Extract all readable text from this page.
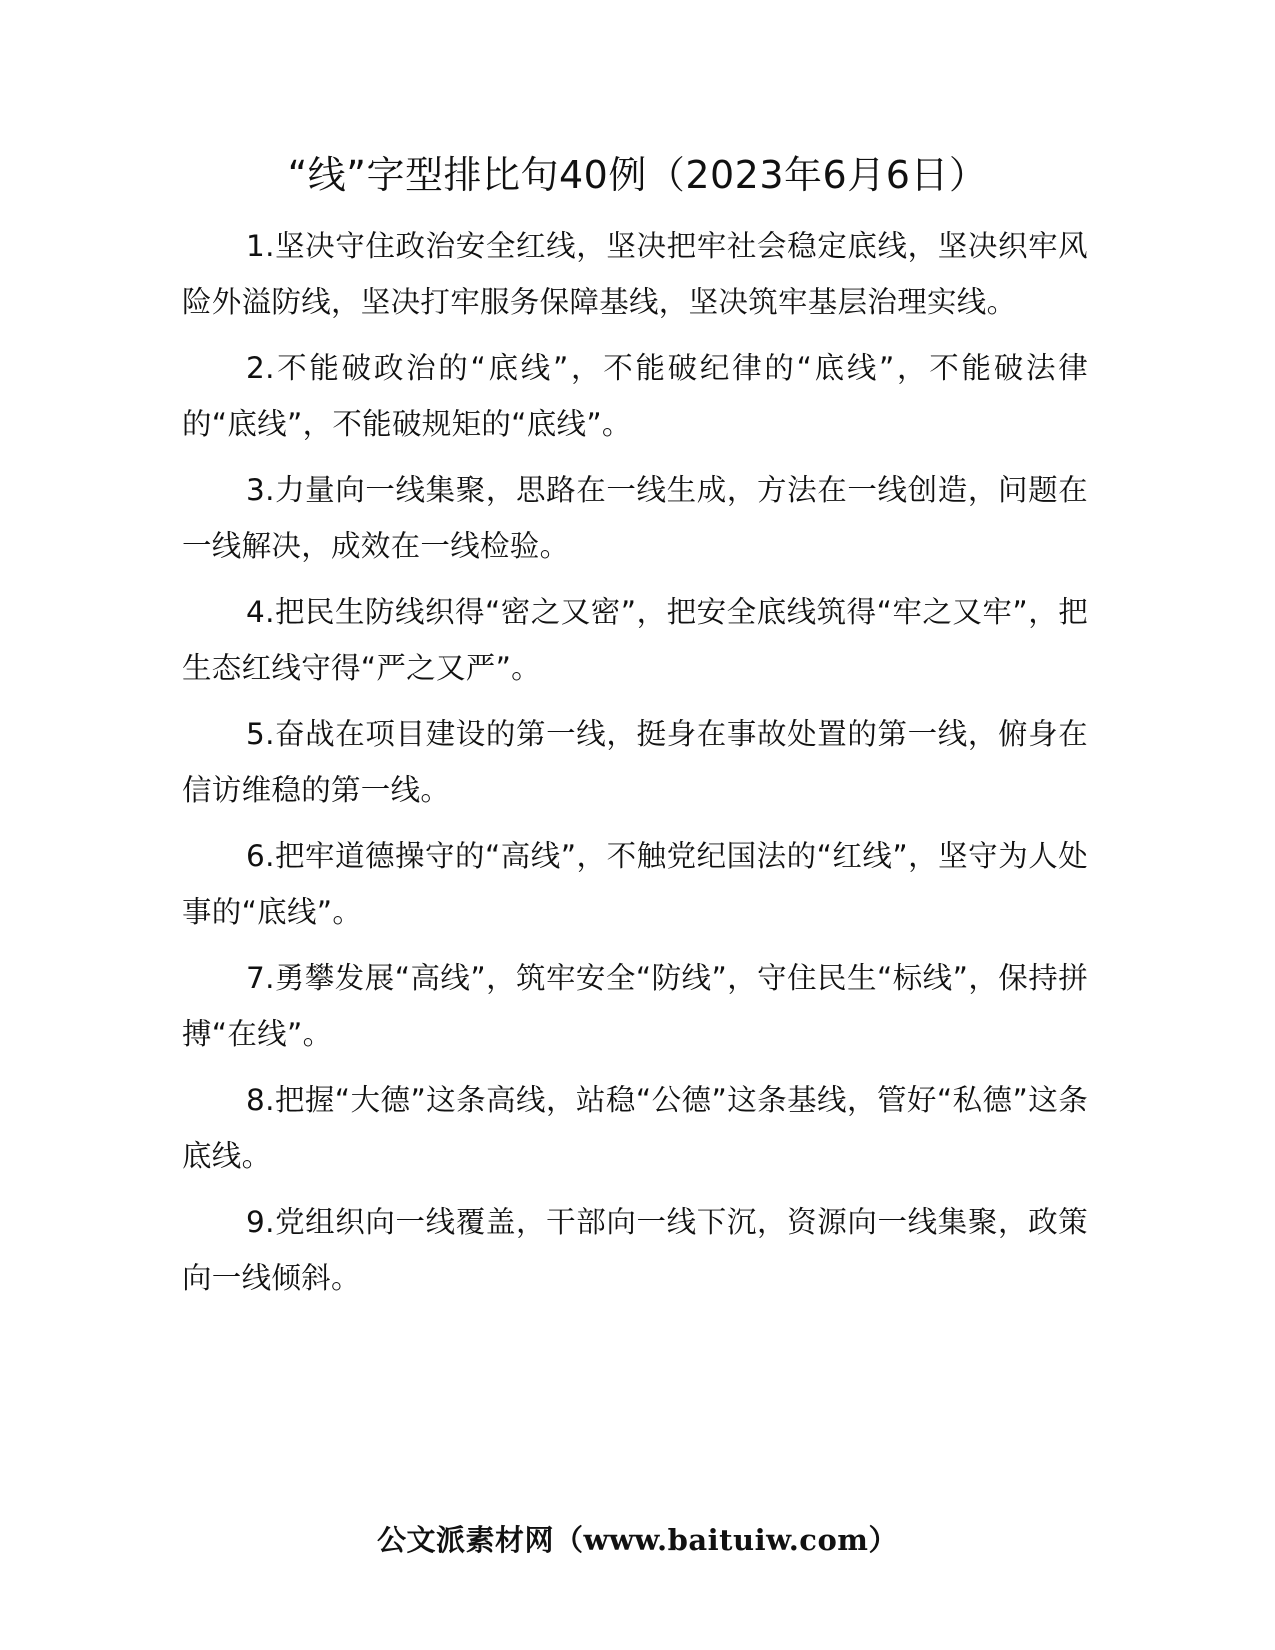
“线”字型排比句40例（2023年6月6日）

1.坚决守住政治安全红线，坚决把牢社会稳定底线，坚决织牢风险外溢防线，坚决打牢服务保障基线，坚决筑牢基层治理实线。

2.不能破政治的“底线”，不能破纪律的“底线”，不能破法律的“底线”，不能破规矩的“底线”。

3.力量向一线集聚，思路在一线生成，方法在一线创造，问题在一线解决，成效在一线检验。

4.把民生防线织得“密之又密”，把安全底线筑得“牢之又牢”，把生态红线守得“严之又严”。

5.奋战在项目建设的第一线，挺身在事故处置的第一线，俯身在信访维稳的第一线。

6.把牢道德操守的“高线”，不触党纪国法的“红线”，坚守为人处事的“底线”。

7.勇攀发展“高线”，筑牢安全“防线”，守住民生“标线”，保持拼搏“在线”。

8.把握“大德”这条高线，站稳“公德”这条基线，管好“私德”这条底线。

9.党组织向一线覆盖，干部向一线下沉，资源向一线集聚，政策向一线倾斜。

公文派素材网（www.baituiw.com）
